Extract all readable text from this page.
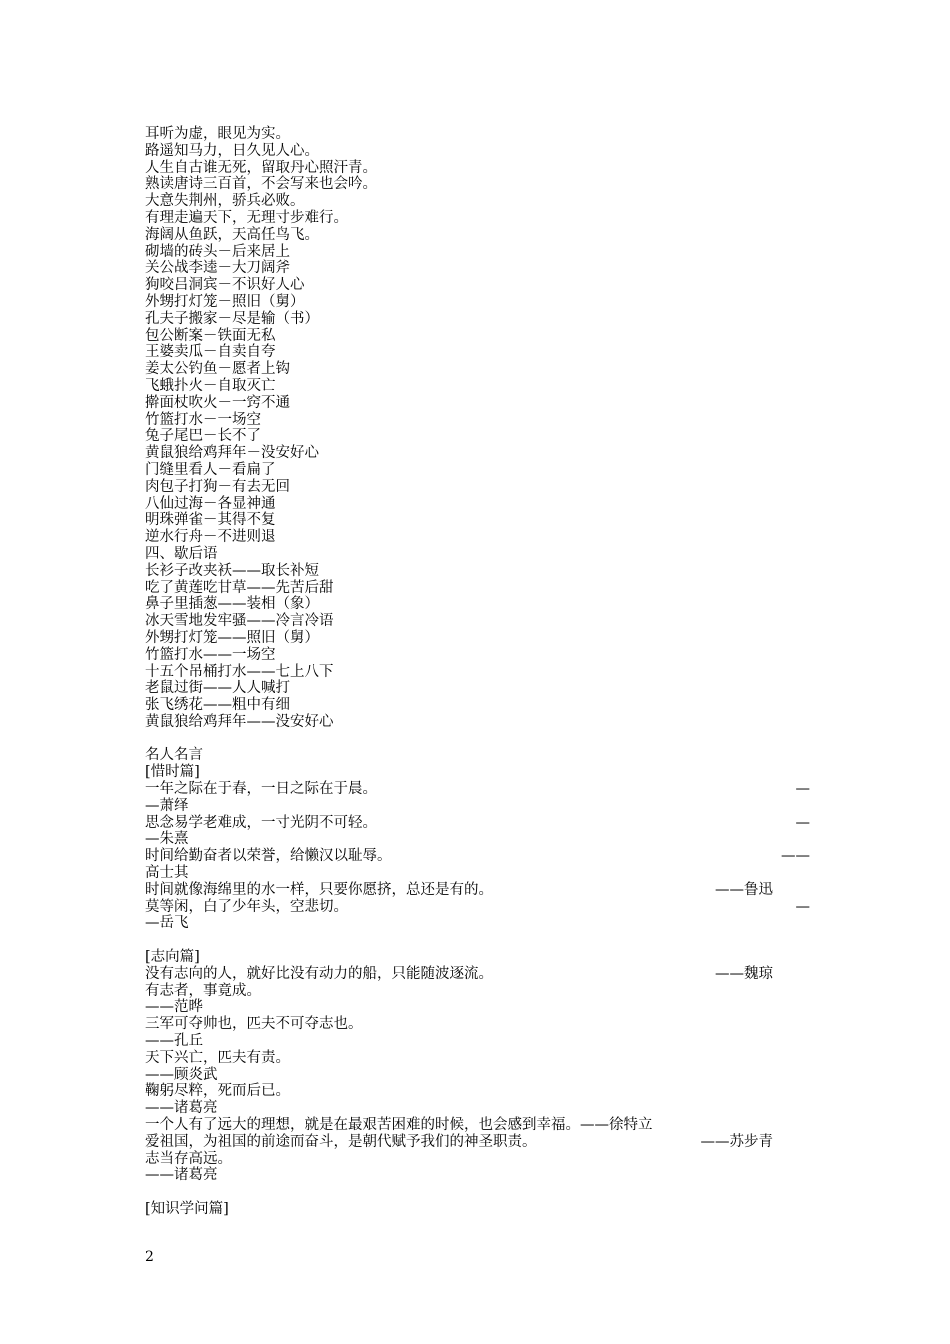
耳听为虚，眼见为实。
路遥知马力，日久见人心。
人生自古谁无死，留取丹心照汗青。
熟读唐诗三百首，不会写来也会吟。
大意失荆州，骄兵必败。
有理走遍天下，无理寸步难行。
海阔从鱼跃，天高任鸟飞。
砌墙的砖头－后来居上
关公战李逵－大刀阔斧
狗咬吕洞宾－不识好人心
外甥打灯笼－照旧（舅）
孔夫子搬家－尽是输（书）
包公断案－铁面无私
王婆卖瓜－自卖自夸
姜太公钓鱼－愿者上钩
飞蛾扑火－自取灭亡
擀面杖吹火－一窍不通
竹篮打水－一场空
兔子尾巴－长不了
黄鼠狼给鸡拜年－没安好心
门缝里看人－看扁了
肉包子打狗－有去无回
八仙过海－各显神通
明珠弹雀－其得不复
逆水行舟－不进则退
四、歇后语
长衫子改夹袄——取长补短
吃了黄莲吃甘草——先苦后甜
鼻子里插葱——装相（象）
冰天雪地发牢骚——冷言冷语
外甥打灯笼——照旧（舅）
竹篮打水——一场空
十五个吊桶打水——七上八下
老鼠过街——人人喊打
张飞绣花——粗中有细
黄鼠狼给鸡拜年——没安好心
名人名言
[惜时篇]
一年之际在于春，一日之际在于晨。	—
—萧绎
思念易学老难成，一寸光阴不可轻。	—
—朱熹
时间给勤奋者以荣誉，给懒汉以耻辱。	——
高士其
时间就像海绵里的水一样，只要你愿挤，总还是有的。	——鲁迅
莫等闲，白了少年头，空悲切。	—
—岳飞
[志向篇]
没有志向的人，就好比没有动力的船，只能随波逐流。	——魏琼
有志者，事竟成。
——范晔
三军可夺帅也，匹夫不可夺志也。
——孔丘
天下兴亡，匹夫有责。
——顾炎武
鞠躬尽粹，死而后已。
——诸葛亮
一个人有了远大的理想，就是在最艰苦困难的时候，也会感到幸福。——徐特立
爱祖国，为祖国的前途而奋斗，是朝代赋予我们的神圣职责。	——苏步青
志当存高远。
——诸葛亮
[知识学问篇]
2
